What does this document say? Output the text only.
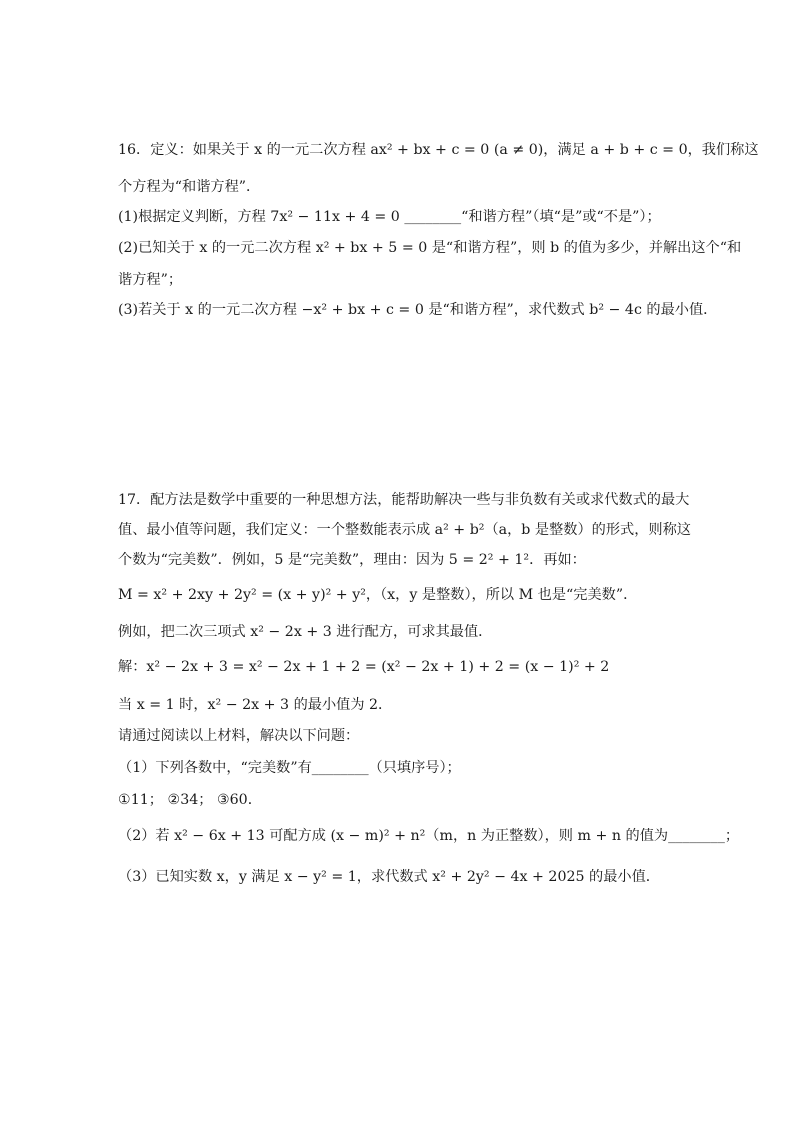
16．定义：如果关于 x 的一元二次方程 ax² + bx + c = 0 (a ≠ 0)，满足 a + b + c = 0，我们称这
个方程为“和谐方程”．
(1)根据定义判断，方程 7x² − 11x + 4 = 0 ________“和谐方程”（填“是”或“不是”）；
(2)已知关于 x 的一元二次方程 x² + bx + 5 = 0 是“和谐方程”，则 b 的值为多少，并解出这个“和
谐方程”；
(3)若关于 x 的一元二次方程 −x² + bx + c = 0 是“和谐方程”，求代数式 b² − 4c 的最小值．
17．配方法是数学中重要的一种思想方法，能帮助解决一些与非负数有关或求代数式的最大
值、最小值等问题，我们定义：一个整数能表示成 a² + b²（a，b 是整数）的形式，则称这
个数为“完美数”．例如，5 是“完美数”，理由：因为 5 = 2² + 1²．再如：
M = x² + 2xy + 2y² = (x + y)² + y²，（x，y 是整数），所以 M 也是“完美数”．
例如，把二次三项式 x² − 2x + 3 进行配方，可求其最值．
解：x² − 2x + 3 = x² − 2x + 1 + 2 = (x² − 2x + 1) + 2 = (x − 1)² + 2
当 x = 1 时，x² − 2x + 3 的最小值为 2．
请通过阅读以上材料，解决以下问题：
（1）下列各数中，“完美数”有________（只填序号）；
①11； ②34； ③60．
（2）若 x² − 6x + 13 可配方成 (x − m)² + n²（m，n 为正整数），则 m + n 的值为________；
（3）已知实数 x，y 满足 x − y² = 1，求代数式 x² + 2y² − 4x + 2025 的最小值．
